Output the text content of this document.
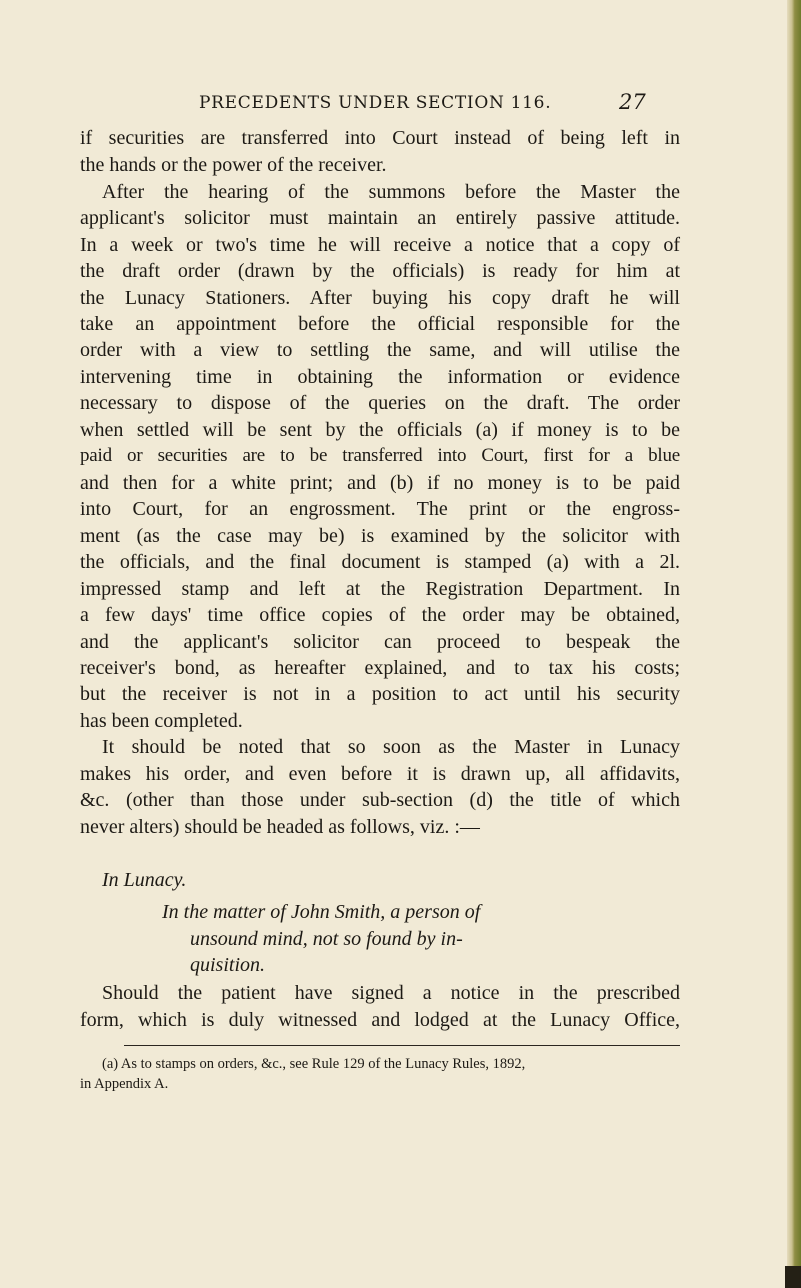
PRECEDENTS UNDER SECTION 116.	27
if securities are transferred into Court instead of being left in
the hands or the power of the receiver.
After the hearing of the summons before the Master the
applicant's solicitor must maintain an entirely passive attitude.
In a week or two's time he will receive a notice that a copy of
the draft order (drawn by the officials) is ready for him at
the Lunacy Stationers. After buying his copy draft he will
take an appointment before the official responsible for the
order with a view to settling the same, and will utilise the
intervening time in obtaining the information or evidence
necessary to dispose of the queries on the draft. The order
when settled will be sent by the officials (a) if money is to be
paid or securities are to be transferred into Court, first for a blue
and then for a white print; and (b) if no money is to be paid
into Court, for an engrossment. The print or the engross-
ment (as the case may be) is examined by the solicitor with
the officials, and the final document is stamped (a) with a 2l.
impressed stamp and left at the Registration Department. In
a few days' time office copies of the order may be obtained,
and the applicant's solicitor can proceed to bespeak the
receiver's bond, as hereafter explained, and to tax his costs;
but the receiver is not in a position to act until his security
has been completed.
It should be noted that so soon as the Master in Lunacy
makes his order, and even before it is drawn up, all affidavits,
&c. (other than those under sub-section (d) the title of which
never alters) should be headed as follows, viz. :—
In Lunacy.
In the matter of John Smith, a person of
unsound mind, not so found by in-
quisition.
Should the patient have signed a notice in the prescribed
form, which is duly witnessed and lodged at the Lunacy Office,
(a) As to stamps on orders, &c., see Rule 129 of the Lunacy Rules, 1892,
in Appendix A.
